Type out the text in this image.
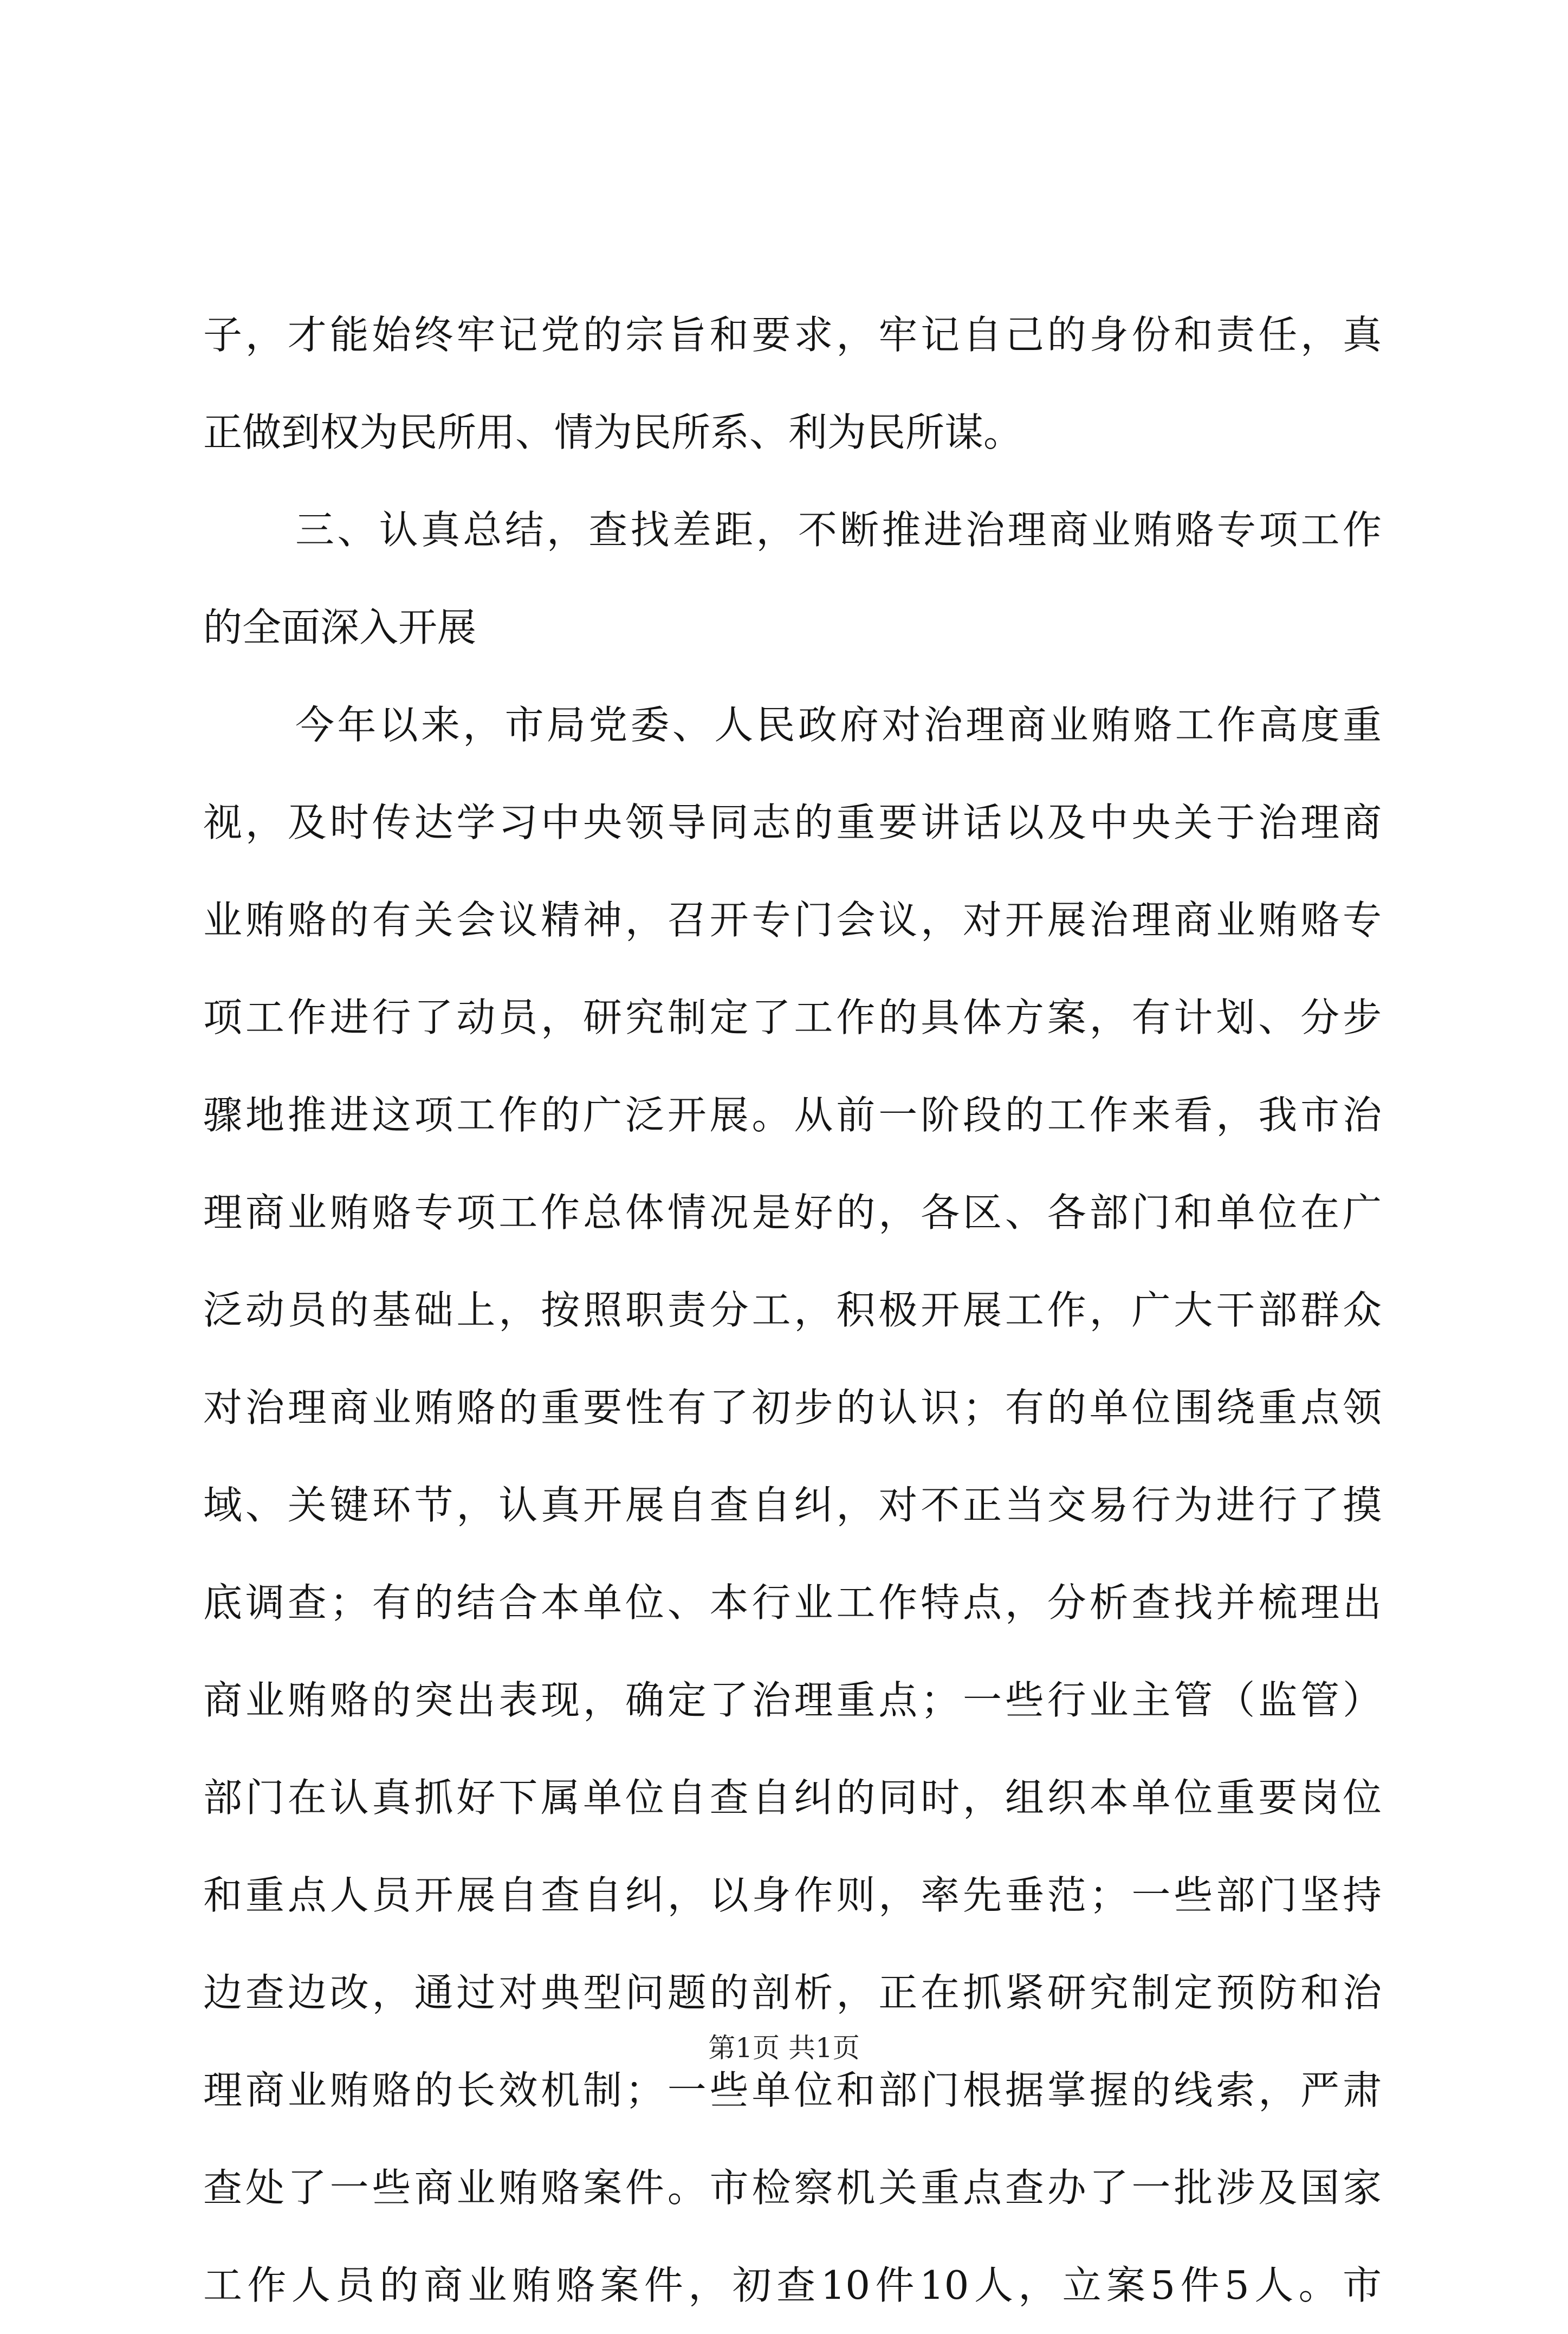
子，才能始终牢记党的宗旨和要求，牢记自己的身份和责任，真
正做到权为民所用、情为民所系、利为民所谋。
三、认真总结，查找差距，不断推进治理商业贿赂专项工作
的全面深入开展
今年以来，市局党委、人民政府对治理商业贿赂工作高度重
视，及时传达学习中央领导同志的重要讲话以及中央关于治理商
业贿赂的有关会议精神，召开专门会议，对开展治理商业贿赂专
项工作进行了动员，研究制定了工作的具体方案，有计划、分步
骤地推进这项工作的广泛开展。从前一阶段的工作来看，我市治
理商业贿赂专项工作总体情况是好的，各区、各部门和单位在广
泛动员的基础上，按照职责分工，积极开展工作，广大干部群众
对治理商业贿赂的重要性有了初步的认识；有的单位围绕重点领
域、关键环节，认真开展自查自纠，对不正当交易行为进行了摸
底调查；有的结合本单位、本行业工作特点，分析查找并梳理出
商业贿赂的突出表现，确定了治理重点；一些行业主管（监管）
部门在认真抓好下属单位自查自纠的同时，组织本单位重要岗位
和重点人员开展自查自纠，以身作则，率先垂范；一些部门坚持
边查边改，通过对典型问题的剖析，正在抓紧研究制定预防和治
理商业贿赂的长效机制；一些单位和部门根据掌握的线索，严肃
查处了一些商业贿赂案件。市检察机关重点查办了一批涉及国家
工作人员的商业贿赂案件，初查10件10人，立案5件5人。市
第1页 共1页
